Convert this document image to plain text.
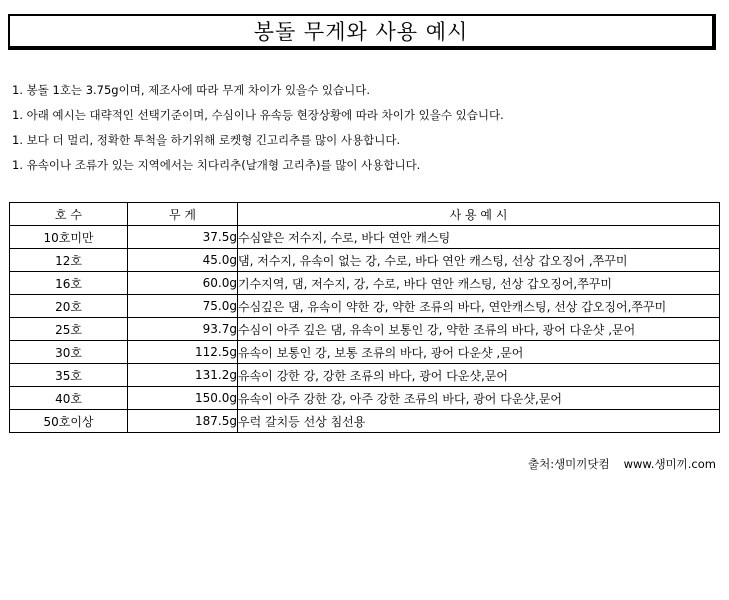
봉돌 무게와 사용 예시
1. 봉돌 1호는 3.75g이며, 제조사에 따라 무게 차이가 있을수 있습니다.
1. 아래 예시는 대략적인 선택기준이며, 수심이나 유속등 현장상황에 따라 차이가 있을수 있습니다.
1. 보다 더 멀리, 정확한 투척을 하기위해 로켓형 긴고리추를 많이 사용합니다.
1. 유속이나 조류가 있는 지역에서는 치다리추(날개형 고리추)를 많이 사용합니다.
호 수	무 게	사 용 예 시
10호미만	37.5g	수심얕은 저수지, 수로, 바다 연안 캐스팅
12호	45.0g	댐, 저수지, 유속이 없는 강, 수로, 바다 연안 캐스팅, 선상 갑오징어 ,쭈꾸미
16호	60.0g	기수지역, 댐, 저수지, 강, 수로, 바다 연안 캐스팅, 선상 갑오징어,쭈꾸미
20호	75.0g	수심깊은 댐, 유속이 약한 강, 약한 조류의 바다, 연안캐스팅, 선상 갑오징어,쭈꾸미
25호	93.7g	수심이 아주 깊은 댐, 유속이 보통인 강, 약한 조류의 바다, 광어 다운샷 ,문어
30호	112.5g	유속이 보통인 강, 보통 조류의 바다, 광어 다운샷 ,문어
35호	131.2g	유속이 강한 강, 강한 조류의 바다, 광어 다운샷,문어
40호	150.0g	유속이 아주 강한 강, 아주 강한 조류의 바다, 광어 다운샷,문어
50호이상	187.5g	우럭 갈치등 선상 침선용
출처:생미끼닷컴 www.생미끼.com
